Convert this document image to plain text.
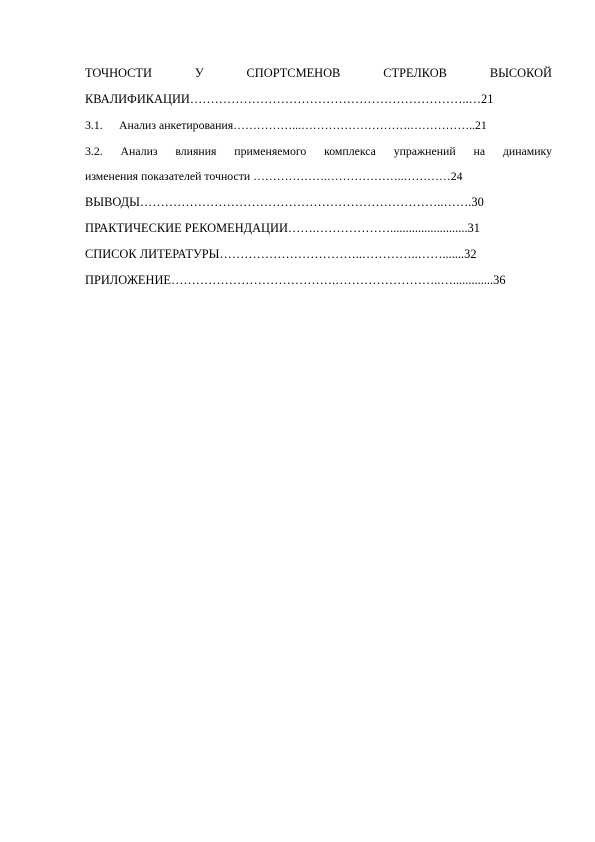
ТОЧНОСТИ	У	СПОРТСМЕНОВ	СТРЕЛКОВ	ВЫСОКОЙ
КВАЛИФИКАЦИИ…………………………………………………………..…21
3.1.	Анализ анкетирования……………...……………………….……………..21
3.2. Анализ влияния применяемого комплекса упражнений на динамику
изменения показателей точности ……………….………………..…………24
ВЫВОДЫ………………………………………………………………..…….30
ПРАКТИЧЕСКИЕ РЕКОМЕНДАЦИИ…….……………….........................31
СПИСОК ЛИТЕРАТУРЫ……………………………..…………..…….......32
ПРИЛОЖЕНИЕ………………………………….……………………..….............36
